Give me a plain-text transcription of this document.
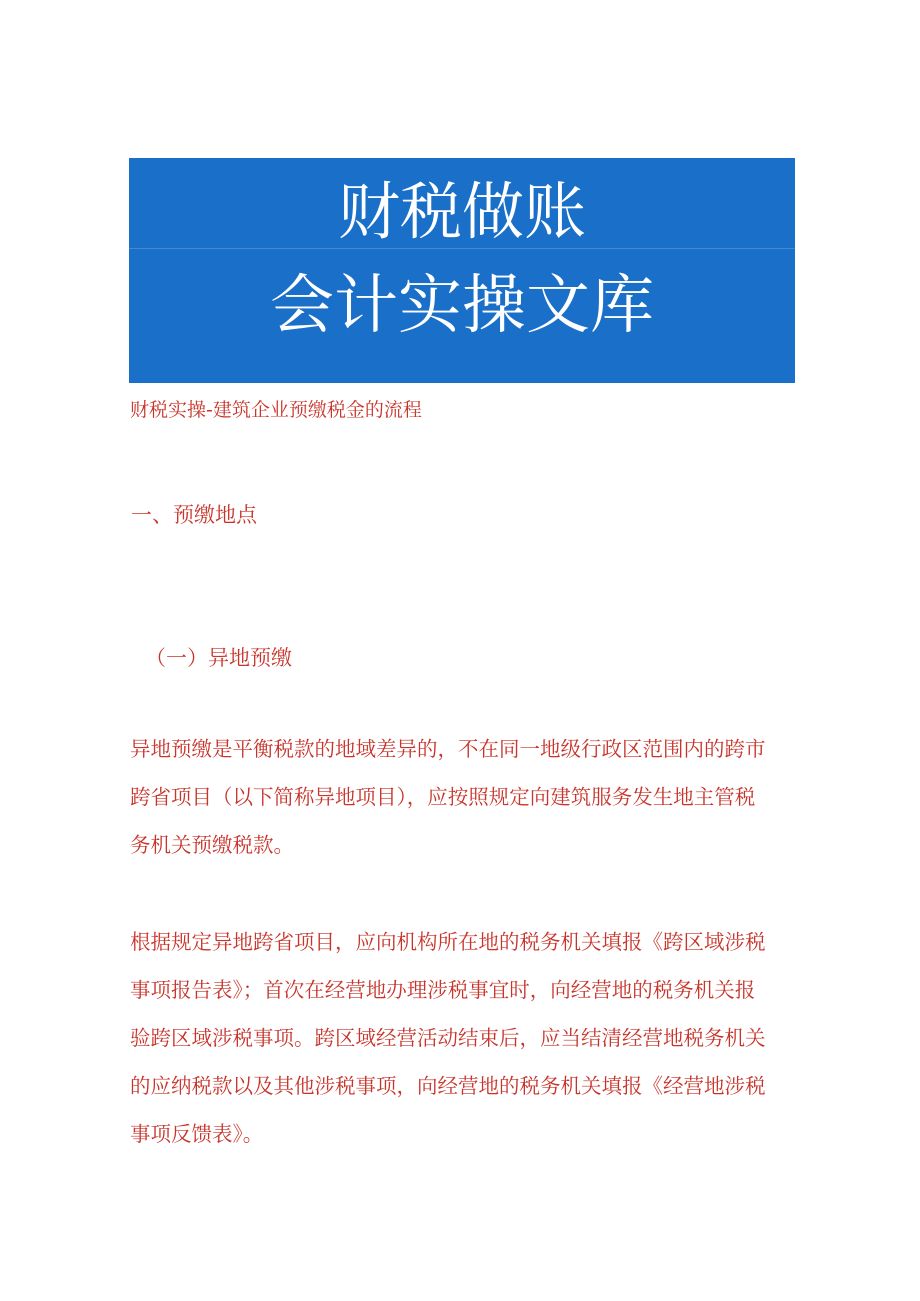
财税做账
会计实操文库
财税实操-建筑企业预缴税金的流程
一、预缴地点
（一）异地预缴
异地预缴是平衡税款的地域差异的，不在同一地级行政区范围内的跨市
跨省项目（以下简称异地项目），应按照规定向建筑服务发生地主管税
务机关预缴税款。
根据规定异地跨省项目，应向机构所在地的税务机关填报《跨区域涉税
事项报告表》；首次在经营地办理涉税事宜时，向经营地的税务机关报
验跨区域涉税事项。跨区域经营活动结束后，应当结清经营地税务机关
的应纳税款以及其他涉税事项，向经营地的税务机关填报《经营地涉税
事项反馈表》。
